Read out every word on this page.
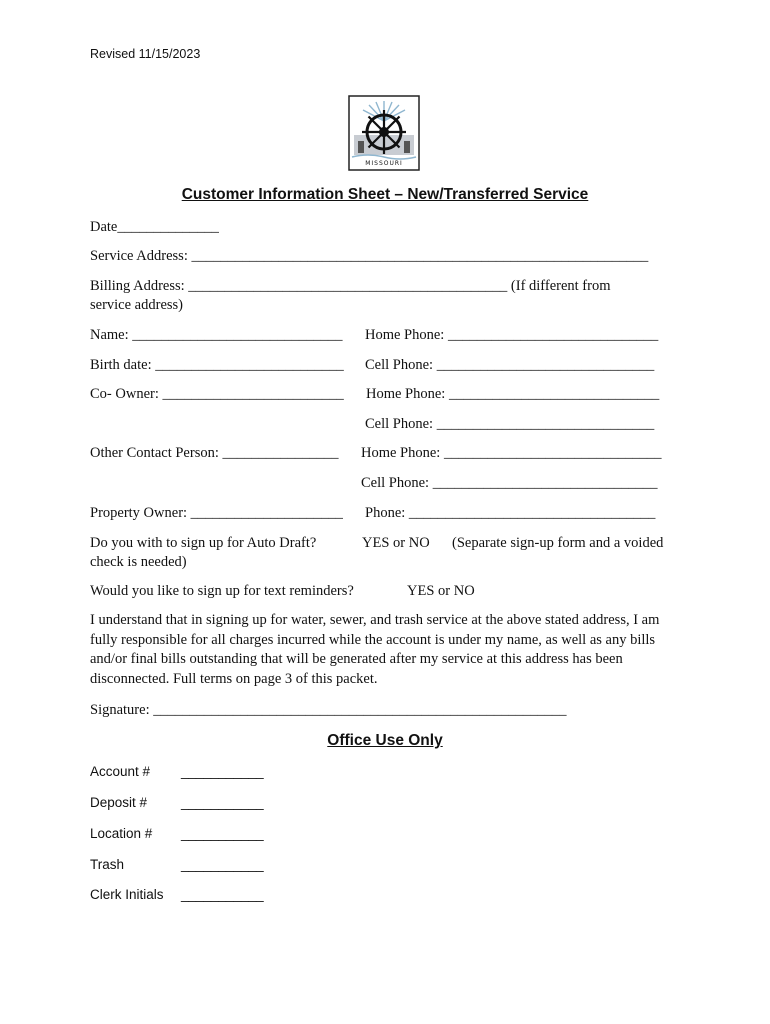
Revised 11/15/2023
MISSOURI
Customer Information Sheet – New/Transferred Service
Date______________
Service Address: _______________________________________________________________
Billing Address: ____________________________________________ (If different from
service address)
Name: _____________________________ Home Phone: _____________________________
Birth date: __________________________ Cell Phone: ______________________________
Co- Owner: _________________________ Home Phone: _____________________________
Cell Phone: ______________________________
Other Contact Person: ________________ Home Phone: ______________________________
Cell Phone: _______________________________
Property Owner: _____________________ Phone: __________________________________
Do you with to sign up for Auto Draft?	YES or NO (Separate sign-up form and a voided
check is needed)
Would you like to sign up for text reminders?	YES or NO
I understand that in signing up for water, sewer, and trash service at the above stated address, I am fully responsible for all charges incurred while the account is under my name, as well as any bills and/or final bills outstanding that will be generated after my service at this address has been disconnected. Full terms on page 3 of this packet.
Signature: _________________________________________________________
Office Use Only
Account # ___________
Deposit #	___________
Location # ___________
Trash	___________
Clerk Initials ___________
